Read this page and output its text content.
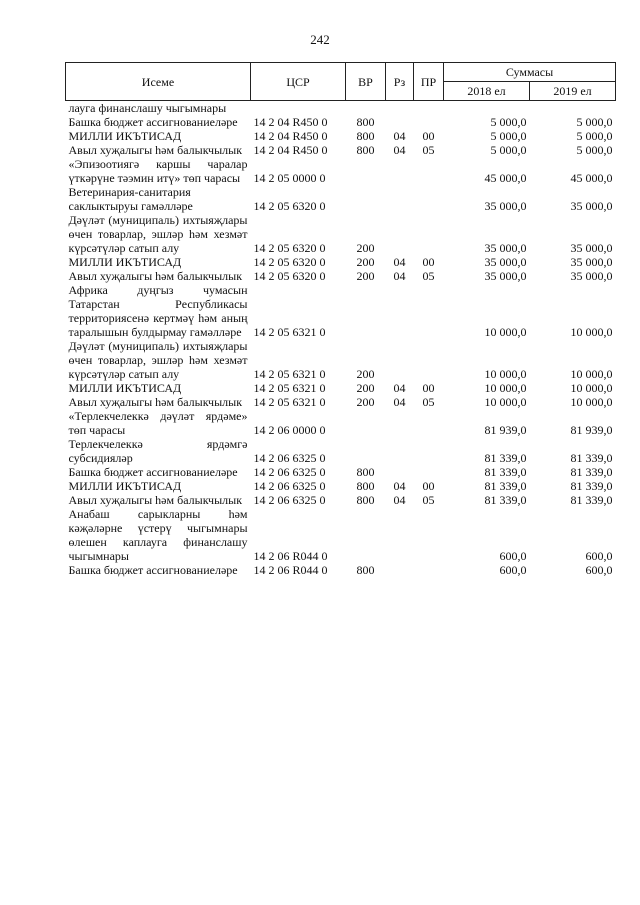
242
Исеме	ЦСР	ВР	Рз	ПР	Суммасы	
					2018 ел	2019 ел
лауга финанслашу чыгымнары						
Башка бюджет ассигнованиеләре	14 2 04 R450 0	800			5 000,0	5 000,0
МИЛЛИ ИКЪТИСАД	14 2 04 R450 0	800	04	00	5 000,0	5 000,0
Авыл хуҗалыгы һәм балыкчылык	14 2 04 R450 0	800	04	05	5 000,0	5 000,0
«Эпизоотиягә каршы чаралар үткәрүне тәэмин итү» төп чарасы	14 2 05 0000 0				45 000,0	45 000,0
Ветеринария-санитария саклыктыруы гамәлләре	14 2 05 6320 0				35 000,0	35 000,0
Дәүләт (муниципаль) ихтыяҗлары өчен товарлар, эшләр һәм хезмәт күрсәтүләр сатып алу	14 2 05 6320 0	200			35 000,0	35 000,0
МИЛЛИ ИКЪТИСАД	14 2 05 6320 0	200	04	00	35 000,0	35 000,0
Авыл хуҗалыгы һәм балыкчылык	14 2 05 6320 0	200	04	05	35 000,0	35 000,0
Африка дуңгыз чумасын Татарстан Республикасы территориясенә кертмәү һәм аның таралышын булдырмау гамәлләре	14 2 05 6321 0				10 000,0	10 000,0
Дәүләт (муниципаль) ихтыяҗлары өчен товарлар, эшләр һәм хезмәт күрсәтүләр сатып алу	14 2 05 6321 0	200			10 000,0	10 000,0
МИЛЛИ ИКЪТИСАД	14 2 05 6321 0	200	04	00	10 000,0	10 000,0
Авыл хуҗалыгы һәм балыкчылык	14 2 05 6321 0	200	04	05	10 000,0	10 000,0
«Терлекчелеккә дәүләт ярдәме» төп чарасы	14 2 06 0000 0				81 939,0	81 939,0
Терлекчелеккә ярдәмгә субсидияләр	14 2 06 6325 0				81 339,0	81 339,0
Башка бюджет ассигнованиеләре	14 2 06 6325 0	800			81 339,0	81 339,0
МИЛЛИ ИКЪТИСАД	14 2 06 6325 0	800	04	00	81 339,0	81 339,0
Авыл хуҗалыгы һәм балыкчылык	14 2 06 6325 0	800	04	05	81 339,0	81 339,0
Анабаш сарыкларны һәм кәҗәләрне үстерү чыгымнары өлешен каплауга финанслашу чыгымнары	14 2 06 R044 0				600,0	600,0
Башка бюджет ассигнованиеләре	14 2 06 R044 0	800			600,0	600,0
